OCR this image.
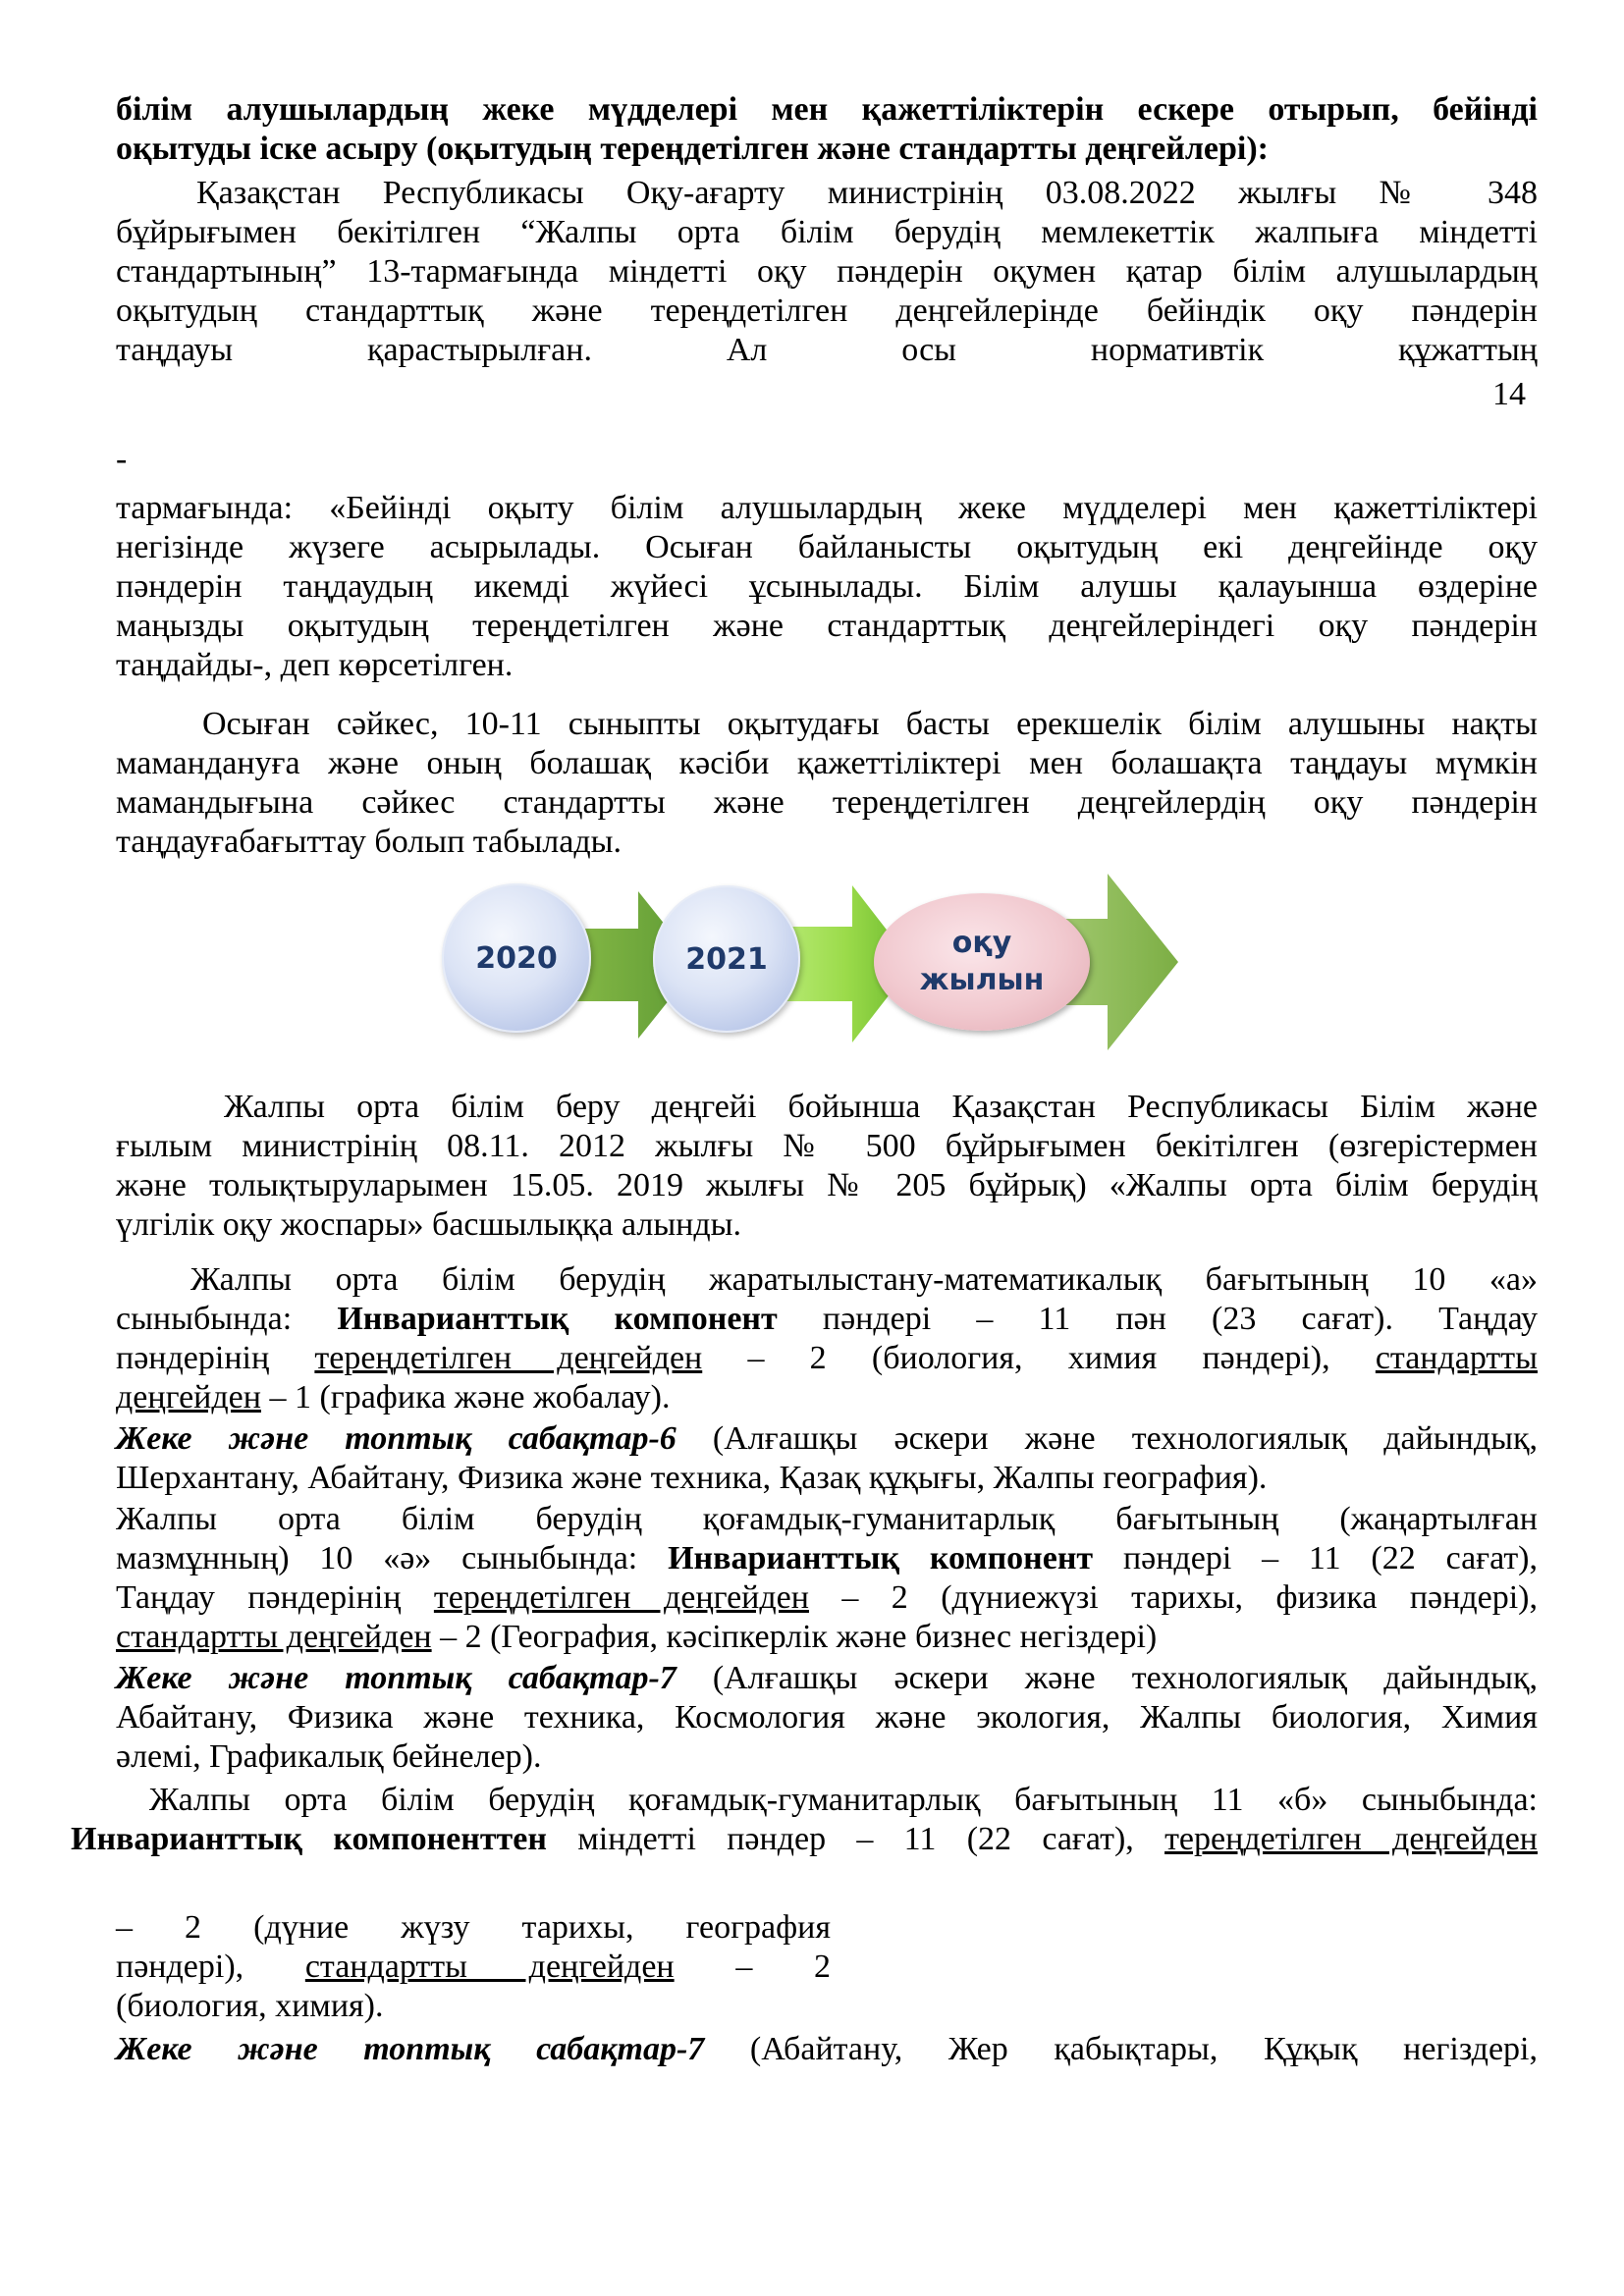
білім алушылардың жеке мүдделері мен қажеттіліктерін ескере отырып, бейінді
оқытуды іске асыру (оқытудың тереңдетілген және стандартты деңгейлері):
Қазақстан Республикасы Оқу-ағарту министрінің 03.08.2022 жылғы № 348
бұйрығымен бекітілген “Жалпы орта білім берудің мемлекеттік жалпыға міндетті
стандартының” 13-тармағында міндетті оқу пәндерін оқумен қатар білім алушылардың
оқытудың стандарттық және тереңдетілген деңгейлерінде бейіндік оқу пәндерін
таңдауы қарастырылған. Ал осы нормативтік құжаттың
14
-
тармағында: «Бейінді оқыту білім алушылардың жеке мүдделері мен қажеттіліктері
негізінде жүзеге асырылады. Осыған байланысты оқытудың екі деңгейінде оқу
пәндерін таңдаудың икемді жүйесі ұсынылады. Білім алушы қалауынша өздеріне
маңызды оқытудың тереңдетілген және стандарттық деңгейлеріндегі оқу пәндерін
таңдайды-, деп көрсетілген.
Осыған сәйкес, 10-11 сыныпты оқытудағы басты ерекшелік білім алушыны нақты
мамандануға және оның болашақ кәсіби қажеттіліктері мен болашақта таңдауы мүмкін
мамандығына сәйкес стандартты және тереңдетілген деңгейлердің оқу пәндерін
таңдауғабағыттау болып табылады.
2020	2021	оқу
жылын
Жалпы орта білім беру деңгейі бойынша Қазақстан Республикасы Білім және
ғылым министрінің 08.11. 2012 жылғы № 500 бұйрығымен бекітілген (өзгерістермен
және толықтыруларымен 15.05. 2019 жылғы № 205 бұйрық) «Жалпы орта білім берудің
үлгілік оқу жоспары» басшылыққа алынды.
Жалпы орта білім берудің жаратылыстану-математикалық бағытының 10 «а»
сыныбында: Инварианттық компонент пәндері – 11 пән (23 сағат). Таңдау
пәндерінің тереңдетілген деңгейден – 2 (биология, химия пәндері), стандартты
деңгейден – 1 (графика және жобалау).
Жеке және топтық сабақтар-6 (Алғашқы әскери және технологиялық дайындық,
Шерхантану, Абайтану, Физика және техника, Қазақ құқығы, Жалпы география).
Жалпы орта білім берудің қоғамдық-гуманитарлық бағытының (жаңартылған
мазмұнның) 10 «ә» сыныбында: Инварианттық компонент пәндері – 11 (22 сағат),
Таңдау пәндерінің тереңдетілген деңгейден – 2 (дүниежүзі тарихы, физика пәндері),
стандартты деңгейден – 2 (География, кәсіпкерлік және бизнес негіздері)
Жеке және топтық сабақтар-7 (Алғашқы әскери және технологиялық дайындық,
Абайтану, Физика және техника, Космология және экология, Жалпы биология, Химия
әлемі, Графикалық бейнелер).
Жалпы орта білім берудің қоғамдық-гуманитарлық бағытының 11 «б» сыныбында:
Инварианттық компоненттен міндетті пәндер – 11 (22 сағат), тереңдетілген деңгейден
– 2 (дүние жүзу тарихы, география
пәндері), стандартты деңгейден – 2
(биология, химия).
Жеке және топтық сабақтар-7 (Абайтану, Жер қабықтары, Құқық негіздері,
